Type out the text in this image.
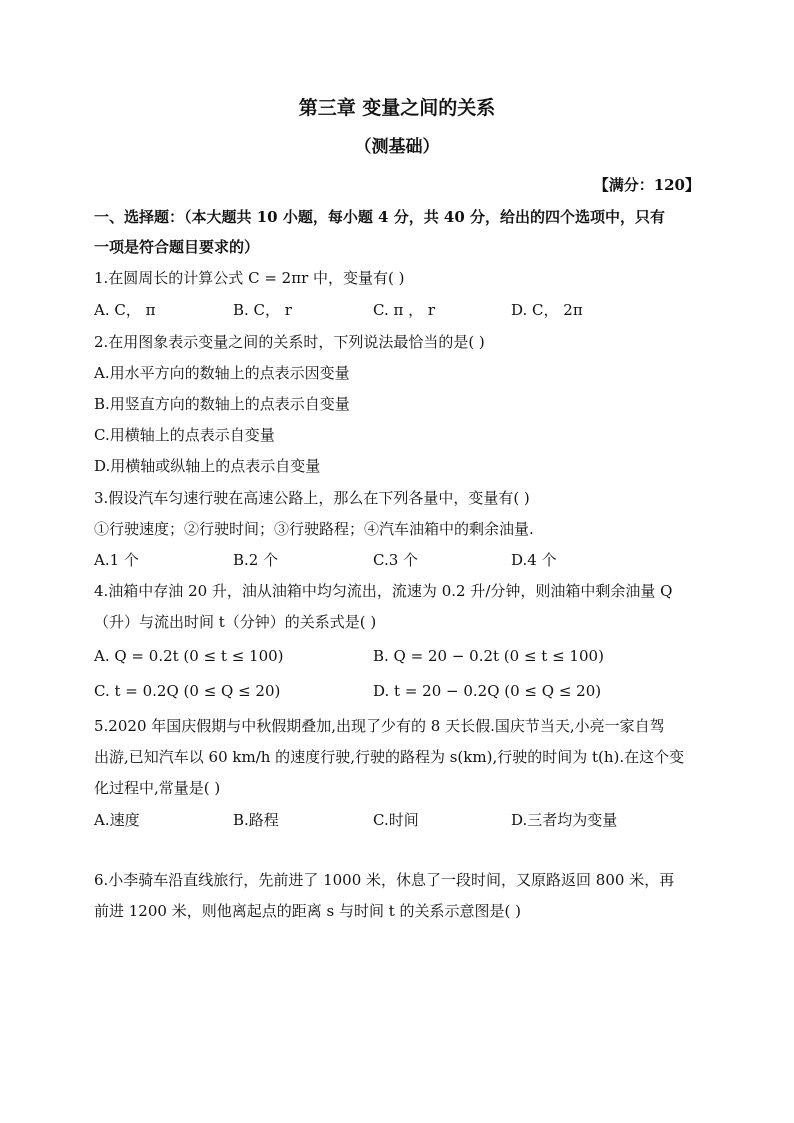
第三章 变量之间的关系
（测基础）
【满分：120】
一、选择题：（本大题共 10 小题，每小题 4 分，共 40 分，给出的四个选项中，只有
一项是符合题目要求的）
1.在圆周长的计算公式 C = 2πr 中，变量有( )
A. C， π	B. C， r	C. π ， r	D. C， 2π
2.在用图象表示变量之间的关系时，下列说法最恰当的是( )
A.用水平方向的数轴上的点表示因变量
B.用竖直方向的数轴上的点表示自变量
C.用横轴上的点表示自变量
D.用横轴或纵轴上的点表示自变量
3.假设汽车匀速行驶在高速公路上，那么在下列各量中，变量有( )
①行驶速度；②行驶时间；③行驶路程；④汽车油箱中的剩余油量.
A.1 个	B.2 个	C.3 个	D.4 个
4.油箱中存油 20 升，油从油箱中均匀流出，流速为 0.2 升/分钟，则油箱中剩余油量 Q
（升）与流出时间 t（分钟）的关系式是( )
A. Q = 0.2t (0 ≤ t ≤ 100)	B. Q = 20 − 0.2t (0 ≤ t ≤ 100)
C. t = 0.2Q (0 ≤ Q ≤ 20)	D. t = 20 − 0.2Q (0 ≤ Q ≤ 20)
5.2020 年国庆假期与中秋假期叠加,出现了少有的 8 天长假.国庆节当天,小亮一家自驾
出游,已知汽车以 60 km/h 的速度行驶,行驶的路程为 s(km),行驶的时间为 t(h).在这个变
化过程中,常量是( )
A.速度	B.路程	C.时间	D.三者均为变量
6.小李骑车沿直线旅行，先前进了 1000 米，休息了一段时间，又原路返回 800 米，再
前进 1200 米，则他离起点的距离 s 与时间 t 的关系示意图是( )
